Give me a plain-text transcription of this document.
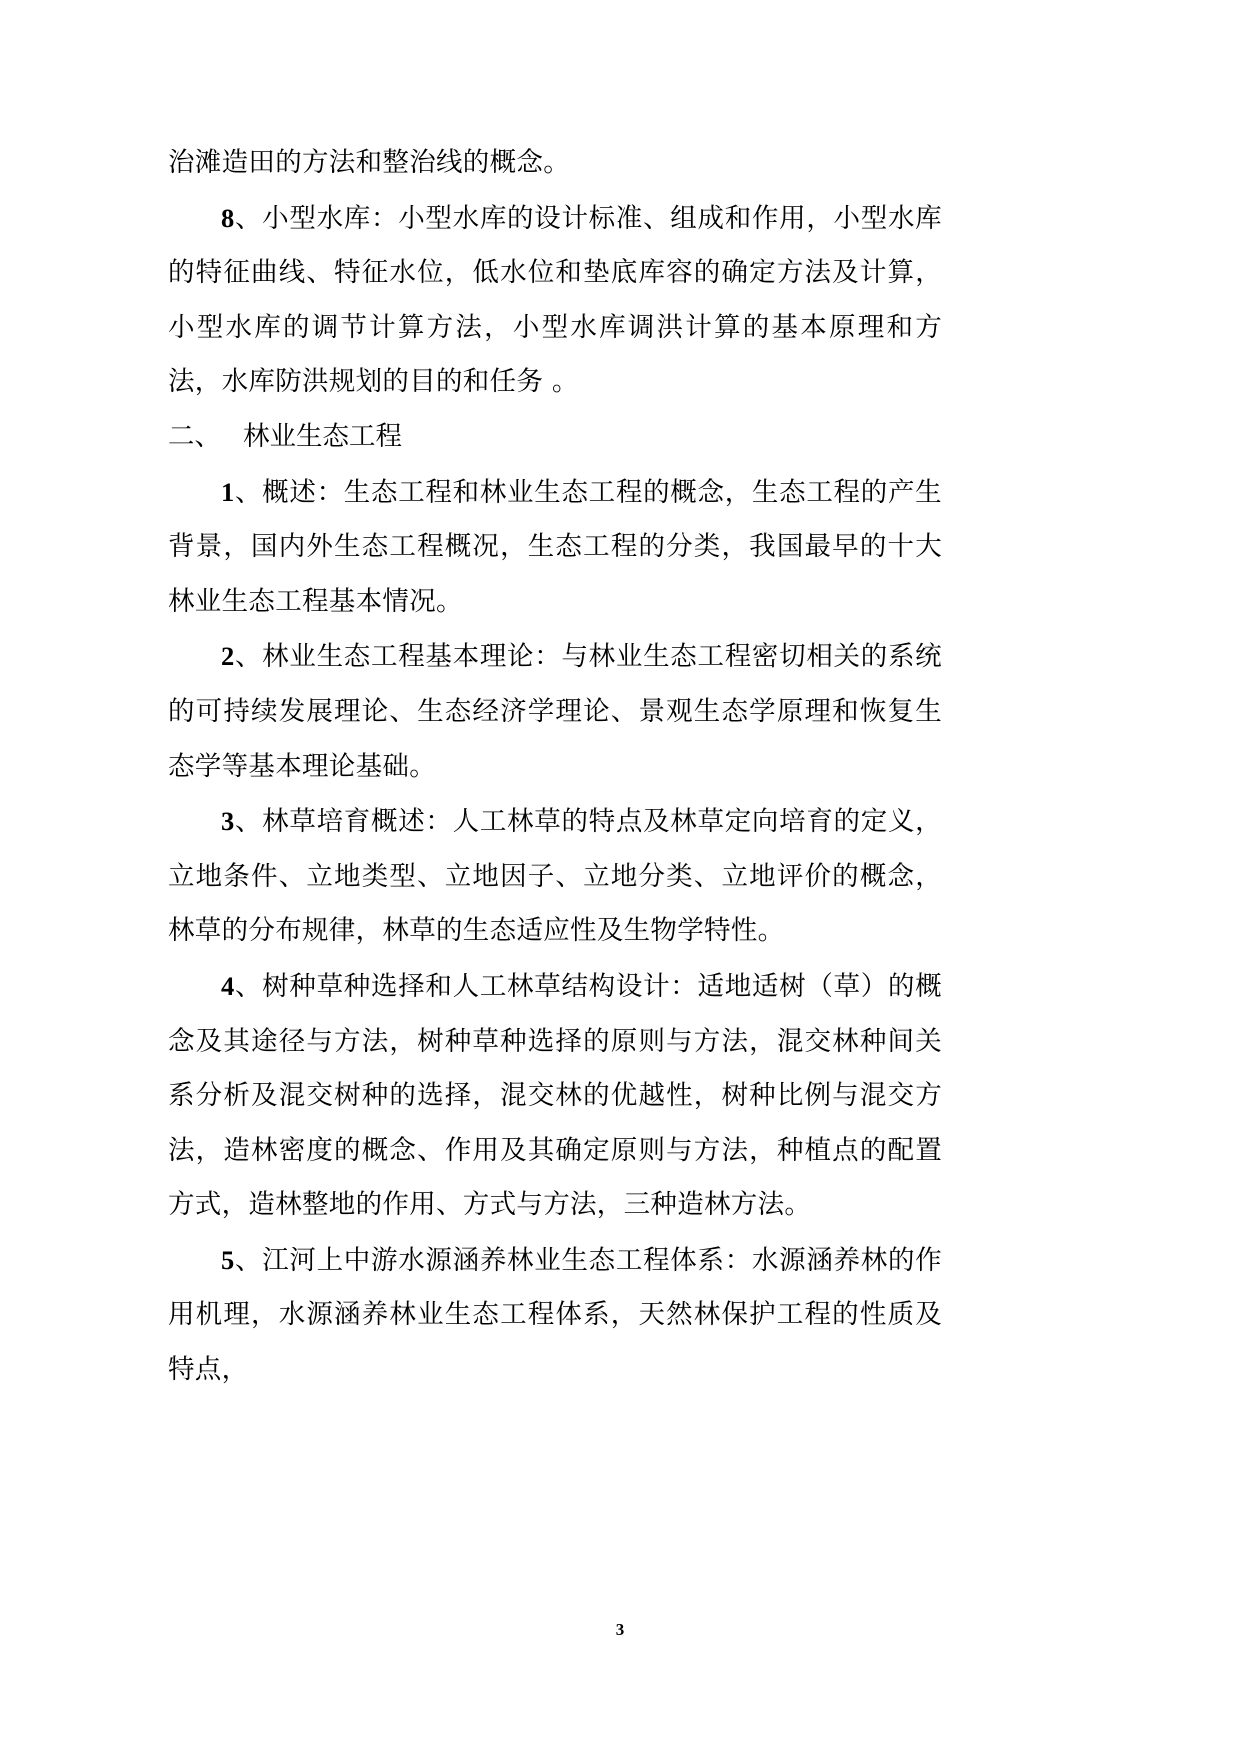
治滩造田的方法和整治线的概念。

8、小型水库：小型水库的设计标准、组成和作用，小型水库的特征曲线、特征水位，低水位和垫底库容的确定方法及计算，小型水库的调节计算方法，小型水库调洪计算的基本原理和方法，水库防洪规划的目的和任务 。

二、 林业生态工程

1、概述：生态工程和林业生态工程的概念，生态工程的产生背景，国内外生态工程概况，生态工程的分类，我国最早的十大林业生态工程基本情况。

2、林业生态工程基本理论：与林业生态工程密切相关的系统的可持续发展理论、生态经济学理论、景观生态学原理和恢复生态学等基本理论基础。

3、林草培育概述：人工林草的特点及林草定向培育的定义，立地条件、立地类型、立地因子、立地分类、立地评价的概念，林草的分布规律，林草的生态适应性及生物学特性。

4、树种草种选择和人工林草结构设计：适地适树（草）的概念及其途径与方法，树种草种选择的原则与方法，混交林种间关系分析及混交树种的选择，混交林的优越性，树种比例与混交方法，造林密度的概念、作用及其确定原则与方法，种植点的配置方式，造林整地的作用、方式与方法，三种造林方法。

5、江河上中游水源涵养林业生态工程体系：水源涵养林的作用机理，水源涵养林业生态工程体系，天然林保护工程的性质及特点，

3
